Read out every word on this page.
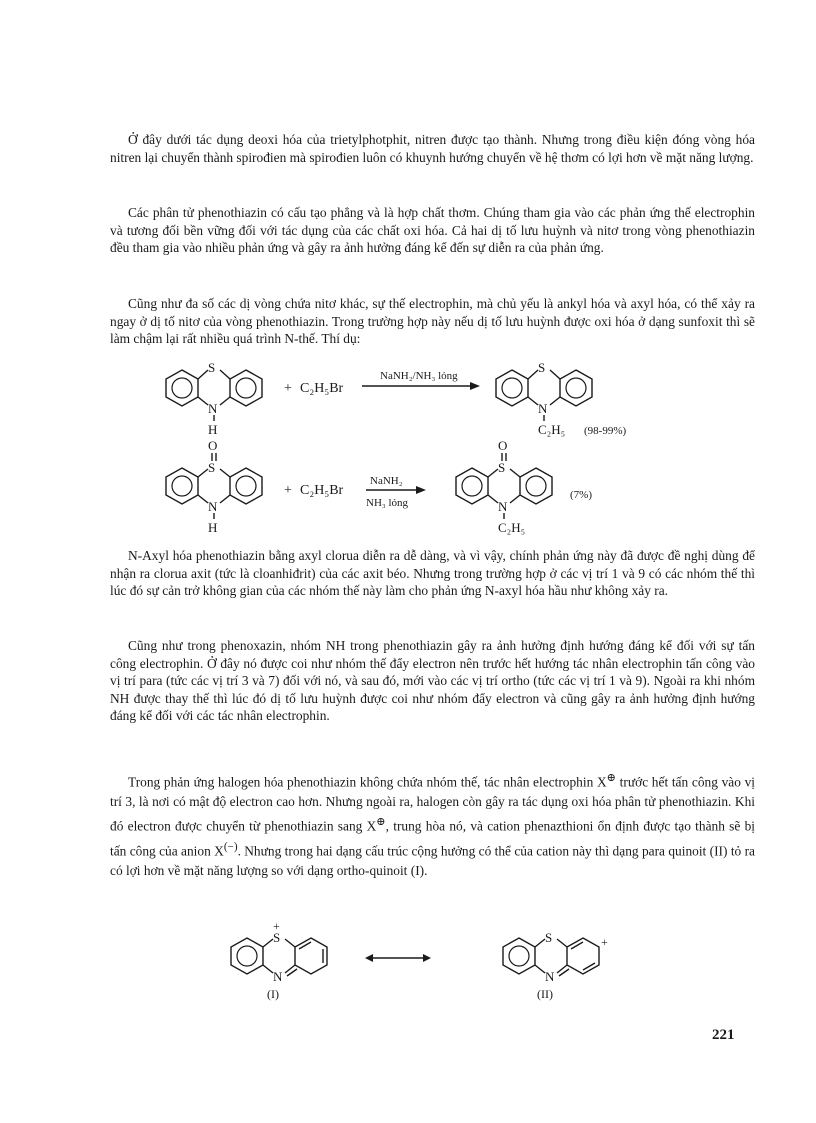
Ở đây dưới tác dụng deoxi hóa của trietylphotphit, nitren được tạo thành. Nhưng trong điều kiện đóng vòng hóa nitren lại chuyển thành spirođien mà spirođien luôn có khuynh hướng chuyển về hệ thơm có lợi hơn về mặt năng lượng.

Các phân tử phenothiazin có cấu tạo phẳng và là hợp chất thơm. Chúng tham gia vào các phản ứng thế electrophin và tương đối bền vững đối với tác dụng của các chất oxi hóa. Cả hai dị tố lưu huỳnh và nitơ trong vòng phenothiazin đều tham gia vào nhiều phản ứng và gây ra ảnh hưởng đáng kể đến sự diễn ra của phản ứng.

Cũng như đa số các dị vòng chứa nitơ khác, sự thế electrophin, mà chủ yếu là ankyl hóa và axyl hóa, có thể xảy ra ngay ở dị tố nitơ của vòng phenothiazin. Trong trường hợp này nếu dị tố lưu huỳnh được oxi hóa ở dạng sunfoxit thì sẽ làm chậm lại rất nhiều quá trình N-thế. Thí dụ:

S
N
H
+ C₂H₅Br
NaNH₂/NH₃ lỏng
S
N
C₂H₅ (98-99%)
O
S
N
H
+ C₂H₅Br
NaNH₂
NH₃ lỏng
O
S
N
C₂H₅
(7%)

N-Axyl hóa phenothiazin bằng axyl clorua diễn ra dễ dàng, và vì vậy, chính phản ứng này đã được đề nghị dùng để nhận ra clorua axit (tức là cloanhiđrit) của các axit béo. Nhưng trong trường hợp ở các vị trí 1 và 9 có các nhóm thế thì lúc đó sự cản trở không gian của các nhóm thế này làm cho phản ứng N-axyl hóa hầu như không xảy ra.

Cũng như trong phenoxazin, nhóm NH trong phenothiazin gây ra ảnh hưởng định hướng đáng kể đối với sự tấn công electrophin. Ở đây nó được coi như nhóm thế đẩy electron nên trước hết hướng tác nhân electrophin tấn công vào vị trí para (tức các vị trí 3 và 7) đối với nó, và sau đó, mới vào các vị trí ortho (tức các vị trí 1 và 9). Ngoài ra khi nhóm NH được thay thế thì lúc đó dị tố lưu huỳnh được coi như nhóm đẩy electron và cũng gây ra ảnh hưởng định hướng đáng kể đối với các tác nhân electrophin.

Trong phản ứng halogen hóa phenothiazin không chứa nhóm thế, tác nhân electrophin X⊕ trước hết tấn công vào vị trí 3, là nơi có mật độ electron cao hơn. Nhưng ngoài ra, halogen còn gây ra tác dụng oxi hóa phân tử phenothiazin. Khi đó electron được chuyển từ phenothiazin sang X⊕, trung hòa nó, và cation phenazthioni ổn định được tạo thành sẽ bị tấn công của anion X(−). Nhưng trong hai dạng cấu trúc cộng hưởng có thể của cation này thì dạng para quinoit (II) tỏ ra có lợi hơn về mặt năng lượng so với dạng ortho-quinoit (I).

+
S
N
(I)
S
N
+
(II)
221
